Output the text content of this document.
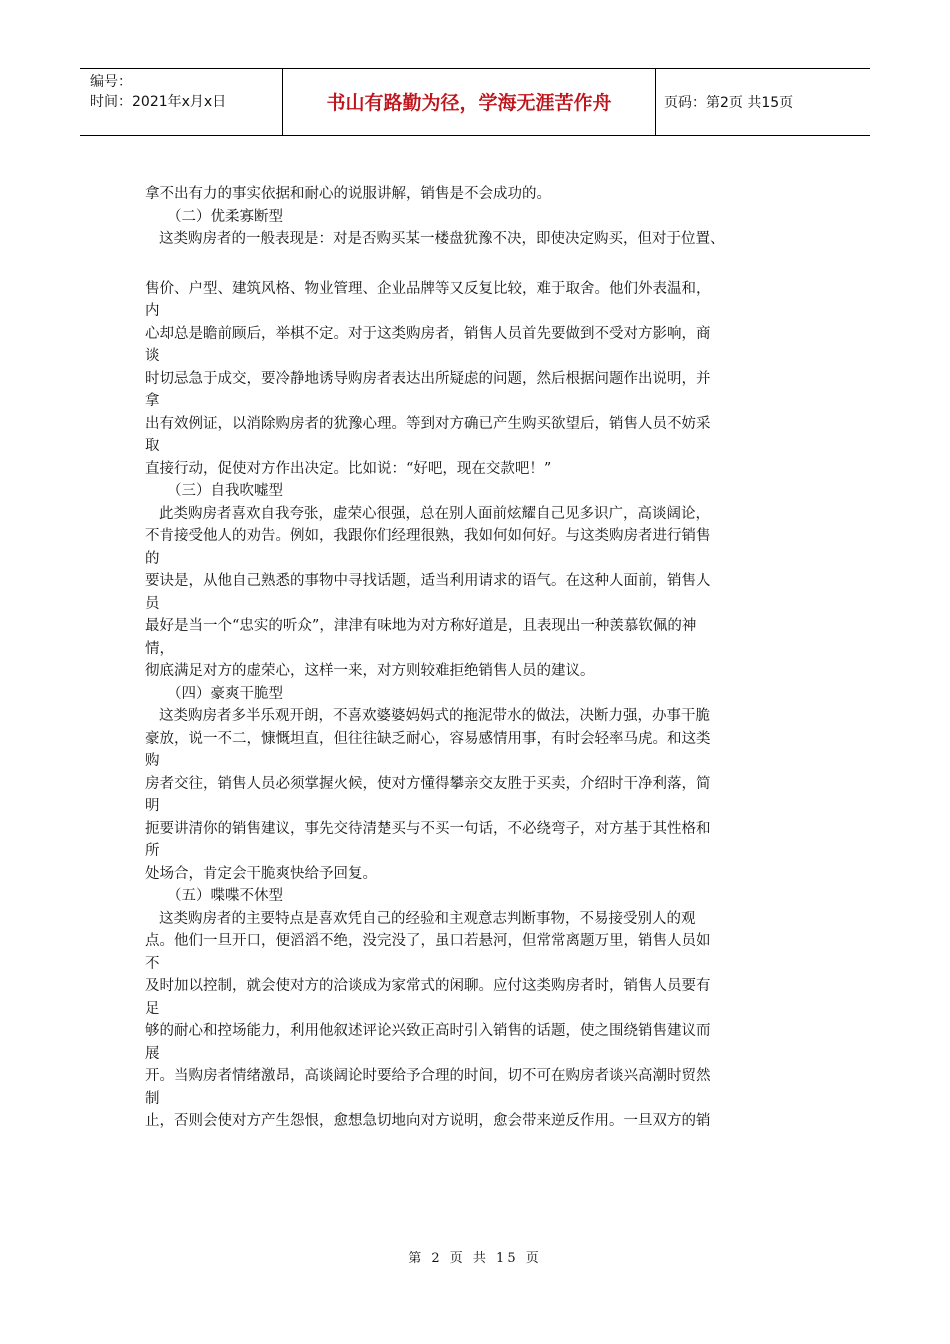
编号：
时间：2021年x月x日	书山有路勤为径，学海无涯苦作舟	页码：第2页 共15页
拿不出有力的事实依据和耐心的说服讲解，销售是不会成功的。
（二）优柔寡断型
这类购房者的一般表现是：对是否购买某一楼盘犹豫不决，即使决定购买，但对于位置、
售价、户型、建筑风格、物业管理、企业品牌等又反复比较，难于取舍。他们外表温和，
内
心却总是瞻前顾后，举棋不定。对于这类购房者，销售人员首先要做到不受对方影响，商
谈
时切忌急于成交，要冷静地诱导购房者表达出所疑虑的问题，然后根据问题作出说明，并
拿
出有效例证，以消除购房者的犹豫心理。等到对方确已产生购买欲望后，销售人员不妨采
取
直接行动，促使对方作出决定。比如说：“好吧，现在交款吧！”
（三）自我吹嘘型
此类购房者喜欢自我夸张，虚荣心很强，总在别人面前炫耀自己见多识广，高谈阔论，
不肯接受他人的劝告。例如，我跟你们经理很熟，我如何如何好。与这类购房者进行销售
的
要诀是，从他自己熟悉的事物中寻找话题，适当利用请求的语气。在这种人面前，销售人
员
最好是当一个“忠实的听众”，津津有味地为对方称好道是，且表现出一种羡慕钦佩的神
情，
彻底满足对方的虚荣心，这样一来，对方则较难拒绝销售人员的建议。
（四）豪爽干脆型
这类购房者多半乐观开朗，不喜欢婆婆妈妈式的拖泥带水的做法，决断力强，办事干脆
豪放，说一不二，慷慨坦直，但往往缺乏耐心，容易感情用事，有时会轻率马虎。和这类
购
房者交往，销售人员必须掌握火候，使对方懂得攀亲交友胜于买卖，介绍时干净利落，简
明
扼要讲清你的销售建议，事先交待清楚买与不买一句话，不必绕弯子，对方基于其性格和
所
处场合，肯定会干脆爽快给予回复。
（五）喋喋不休型
这类购房者的主要特点是喜欢凭自己的经验和主观意志判断事物，不易接受别人的观
点。他们一旦开口，便滔滔不绝，没完没了，虽口若悬河，但常常离题万里，销售人员如
不
及时加以控制，就会使对方的洽谈成为家常式的闲聊。应付这类购房者时，销售人员要有
足
够的耐心和控场能力，利用他叙述评论兴致正高时引入销售的话题，使之围绕销售建议而
展
开。当购房者情绪激昂，高谈阔论时要给予合理的时间，切不可在购房者谈兴高潮时贸然
制
止，否则会使对方产生怨恨，愈想急切地向对方说明，愈会带来逆反作用。一旦双方的销
第 2 页 共 15 页
